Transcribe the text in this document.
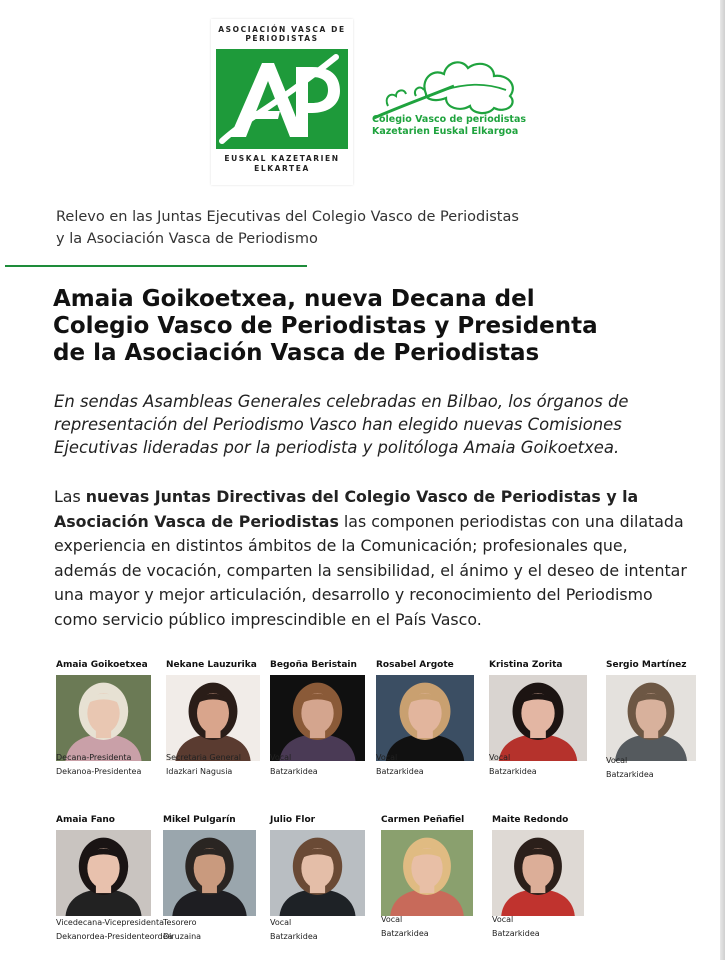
ASOCIACIÓN VASCA DE PERIODISTAS
EUSKAL KAZETARIEN ELKARTEA
Colegio Vasco de periodistas
Kazetarien Euskal Elkargoa
Relevo en las Juntas Ejecutivas del Colegio Vasco de Periodistas
y la Asociación Vasca de Periodismo
Amaia Goikoetxea, nueva Decana del
Colegio Vasco de Periodistas y Presidenta
de la Asociación Vasca de Periodistas

En sendas Asambleas Generales celebradas en Bilbao, los órganos de representación del Periodismo Vasco han elegido nuevas Comisiones Ejecutivas lideradas por la periodista y politóloga Amaia Goikoetxea.

Las nuevas Juntas Directivas del Colegio Vasco de Periodistas y la Asociación Vasca de Periodistas las componen periodistas con una dilatada experiencia en distintos ámbitos de la Comunicación; profesionales que, además de vocación, comparten la sensibilidad, el ánimo y el deseo de intentar una mayor y mejor articulación, desarrollo y reconocimiento del Periodismo como servicio público imprescindible en el País Vasco.

Amaia Goikoetxea
Decana-Presidenta
Dekanoa-Presidentea
Nekane Lauzurika
Secretaria General
Idazkari Nagusia
Begoña Beristain
Vocal
Batzarkidea
Rosabel Argote
Vocal
Batzarkidea
Kristina Zorita
Vocal
Batzarkidea
Sergio Martínez
Vocal
Batzarkidea
Amaia Fano
Vicedecana-Vicepresidenta
Dekanordea-Presidenteordea
Mikel Pulgarín
Tesorero
Diruzaina
Julio Flor
Vocal
Batzarkidea
Carmen Peñafiel
Vocal
Batzarkidea
Maite Redondo
Vocal
Batzarkidea
